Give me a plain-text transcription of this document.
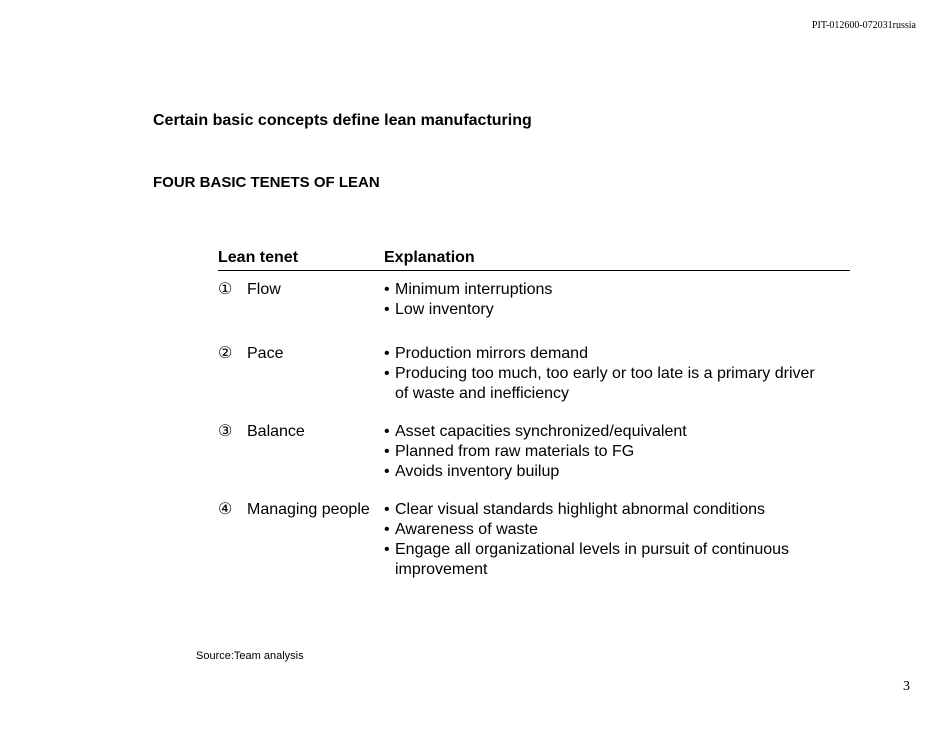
PIT-012600-072031russia
Certain basic concepts define lean manufacturing
FOUR BASIC TENETS OF LEAN
Lean tenet	Explanation
① Flow	• Minimum interruptions
• Low inventory
② Pace	• Production mirrors demand
• Producing too much, too early or too late is a primary driver of waste and inefficiency
③ Balance	• Asset capacities synchronized/equivalent
• Planned from raw materials to FG
• Avoids inventory builup
④ Managing people • Clear visual standards highlight abnormal conditions
• Awareness of waste
• Engage all organizational levels in pursuit of continuous improvement
Source:Team analysis
3
